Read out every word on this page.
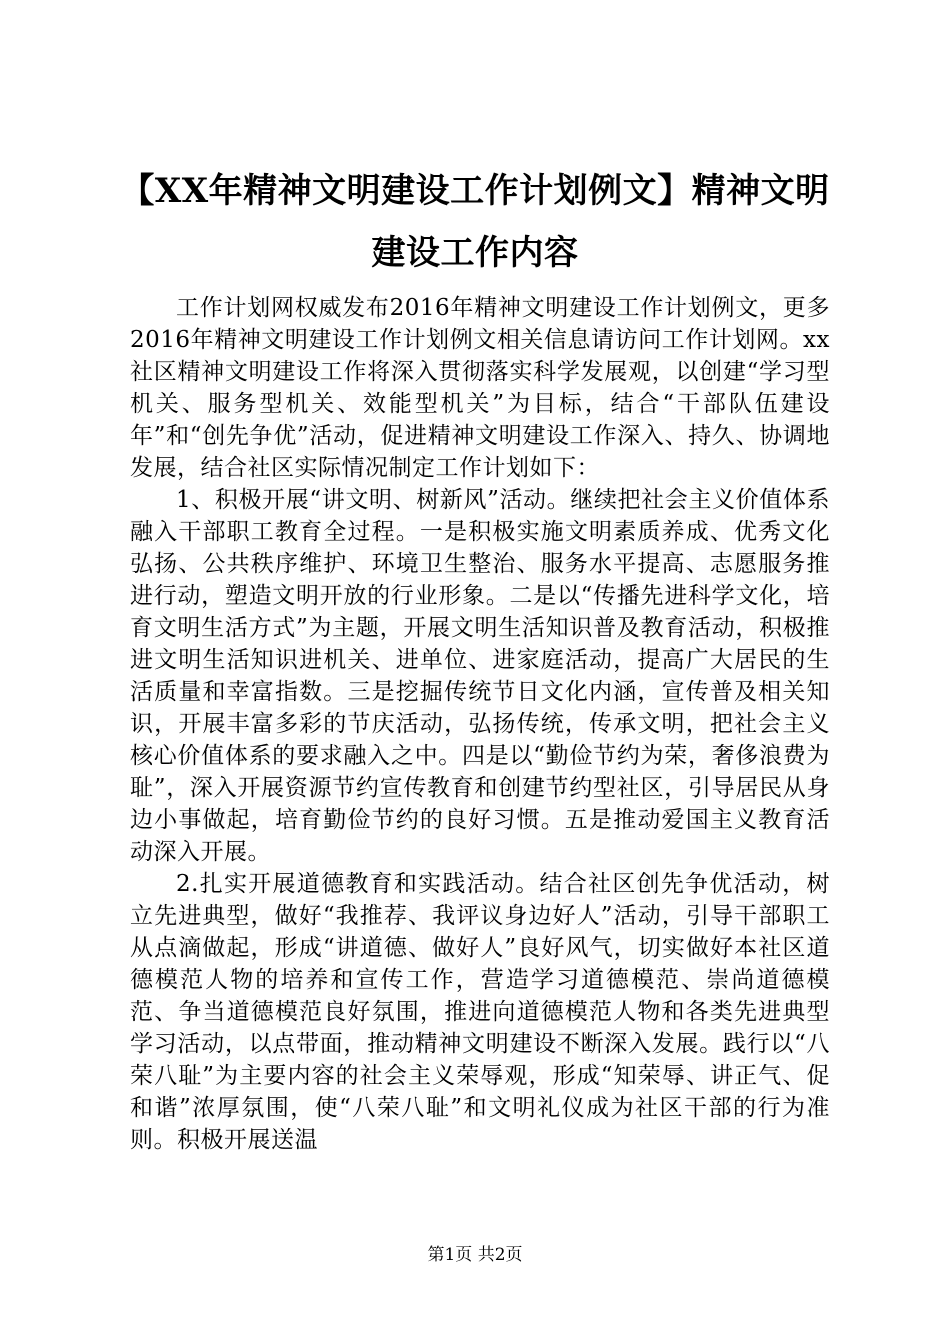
【XX年精神文明建设工作计划例文】精神文明建设工作内容

工作计划网权威发布2016年精神文明建设工作计划例文，更多2016年精神文明建设工作计划例文相关信息请访问工作计划网。xx社区精神文明建设工作将深入贯彻落实科学发展观，以创建“学习型机关、服务型机关、效能型机关”为目标，结合“干部队伍建设年”和“创先争优”活动，促进精神文明建设工作深入、持久、协调地发展，结合社区实际情况制定工作计划如下：

1、积极开展“讲文明、树新风”活动。继续把社会主义价值体系融入干部职工教育全过程。一是积极实施文明素质养成、优秀文化弘扬、公共秩序维护、环境卫生整治、服务水平提高、志愿服务推进行动，塑造文明开放的行业形象。二是以“传播先进科学文化，培育文明生活方式”为主题，开展文明生活知识普及教育活动，积极推进文明生活知识进机关、进单位、进家庭活动，提高广大居民的生活质量和幸富指数。三是挖掘传统节日文化内涵，宣传普及相关知识，开展丰富多彩的节庆活动，弘扬传统，传承文明，把社会主义核心价值体系的要求融入之中。四是以“勤俭节约为荣，奢侈浪费为耻”，深入开展资源节约宣传教育和创建节约型社区，引导居民从身边小事做起，培育勤俭节约的良好习惯。五是推动爱国主义教育活动深入开展。

2.扎实开展道德教育和实践活动。结合社区创先争优活动，树立先进典型，做好“我推荐、我评议身边好人”活动，引导干部职工从点滴做起，形成“讲道德、做好人”良好风气，切实做好本社区道德模范人物的培养和宣传工作，营造学习道德模范、崇尚道德模范、争当道德模范良好氛围，推进向道德模范人物和各类先进典型学习活动，以点带面，推动精神文明建设不断深入发展。践行以“八荣八耻”为主要内容的社会主义荣辱观，形成“知荣辱、讲正气、促和谐”浓厚氛围，使“八荣八耻”和文明礼仪成为社区干部的行为准则。积极开展送温

第1页 共2页
